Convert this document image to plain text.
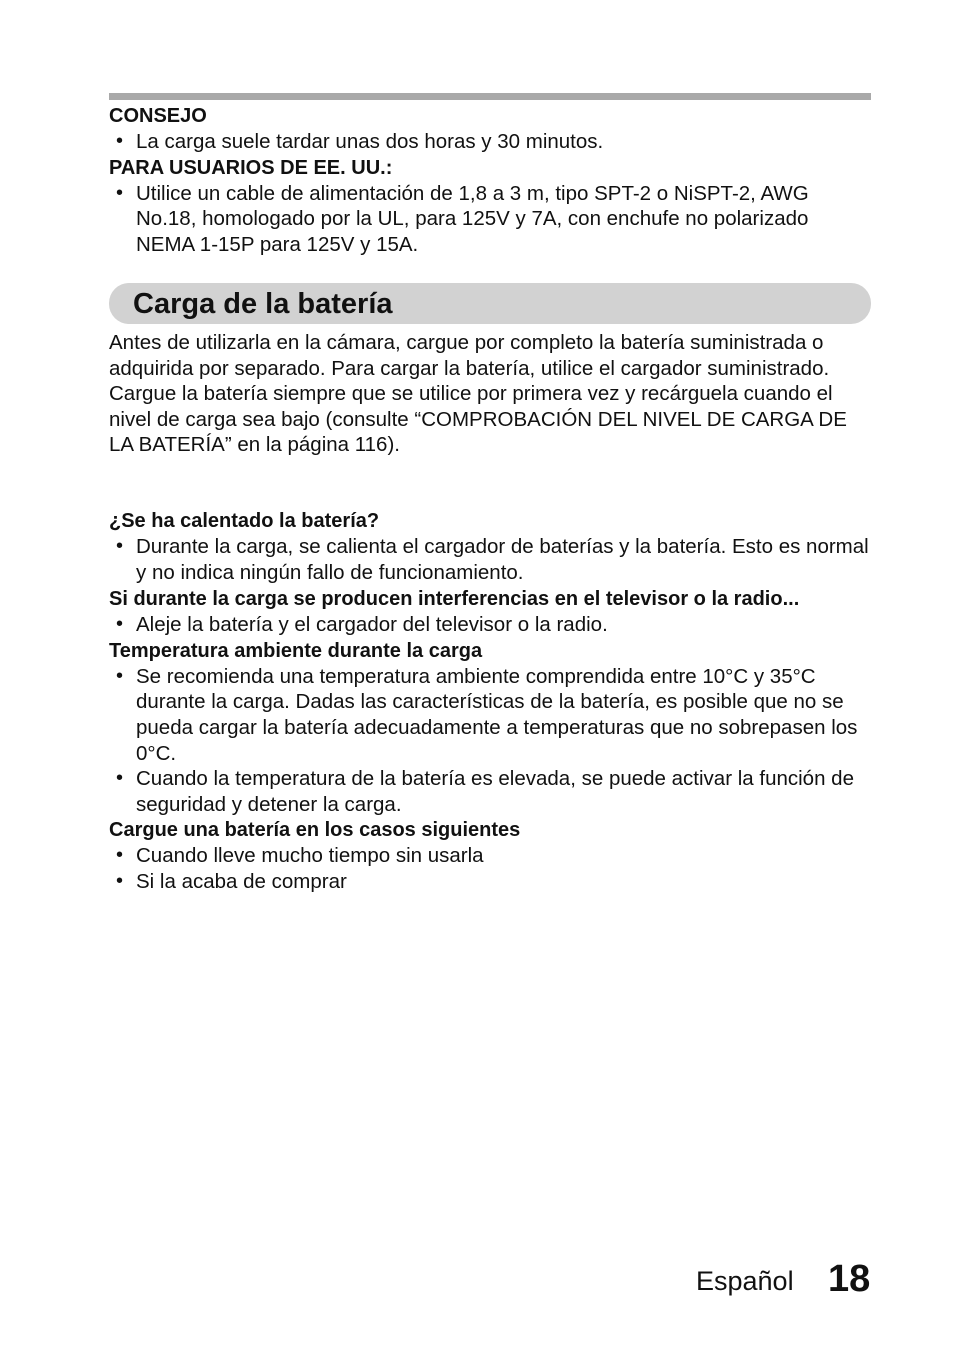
CONSEJO

• La carga suele tardar unas dos horas y 30 minutos.

PARA USUARIOS DE EE. UU.:

• Utilice un cable de alimentación de 1,8 a 3 m, tipo SPT-2 o NiSPT-2, AWG No.18, homologado por la UL, para 125V y 7A, con enchufe no polarizado NEMA 1-15P para 125V y 15A.
Carga de la batería

Antes de utilizarla en la cámara, cargue por completo la batería suministrada o adquirida por separado. Para cargar la batería, utilice el cargador suministrado.

Cargue la batería siempre que se utilice por primera vez y recárguela cuando el nivel de carga sea bajo (consulte “COMPROBACIÓN DEL NIVEL DE CARGA DE LA BATERÍA” en la página 116).

¿Se ha calentado la batería?

• Durante la carga, se calienta el cargador de baterías y la batería. Esto es normal y no indica ningún fallo de funcionamiento.

Si durante la carga se producen interferencias en el televisor o la radio...

• Aleje la batería y el cargador del televisor o la radio.

Temperatura ambiente durante la carga

• Se recomienda una temperatura ambiente comprendida entre 10°C y 35°C durante la carga. Dadas las características de la batería, es posible que no se pueda cargar la batería adecuadamente a temperaturas que no sobrepasen los 0°C.
• Cuando la temperatura de la batería es elevada, se puede activar la función de seguridad y detener la carga.

Cargue una batería en los casos siguientes

• Cuando lleve mucho tiempo sin usarla
• Si la acaba de comprar
Español 18
